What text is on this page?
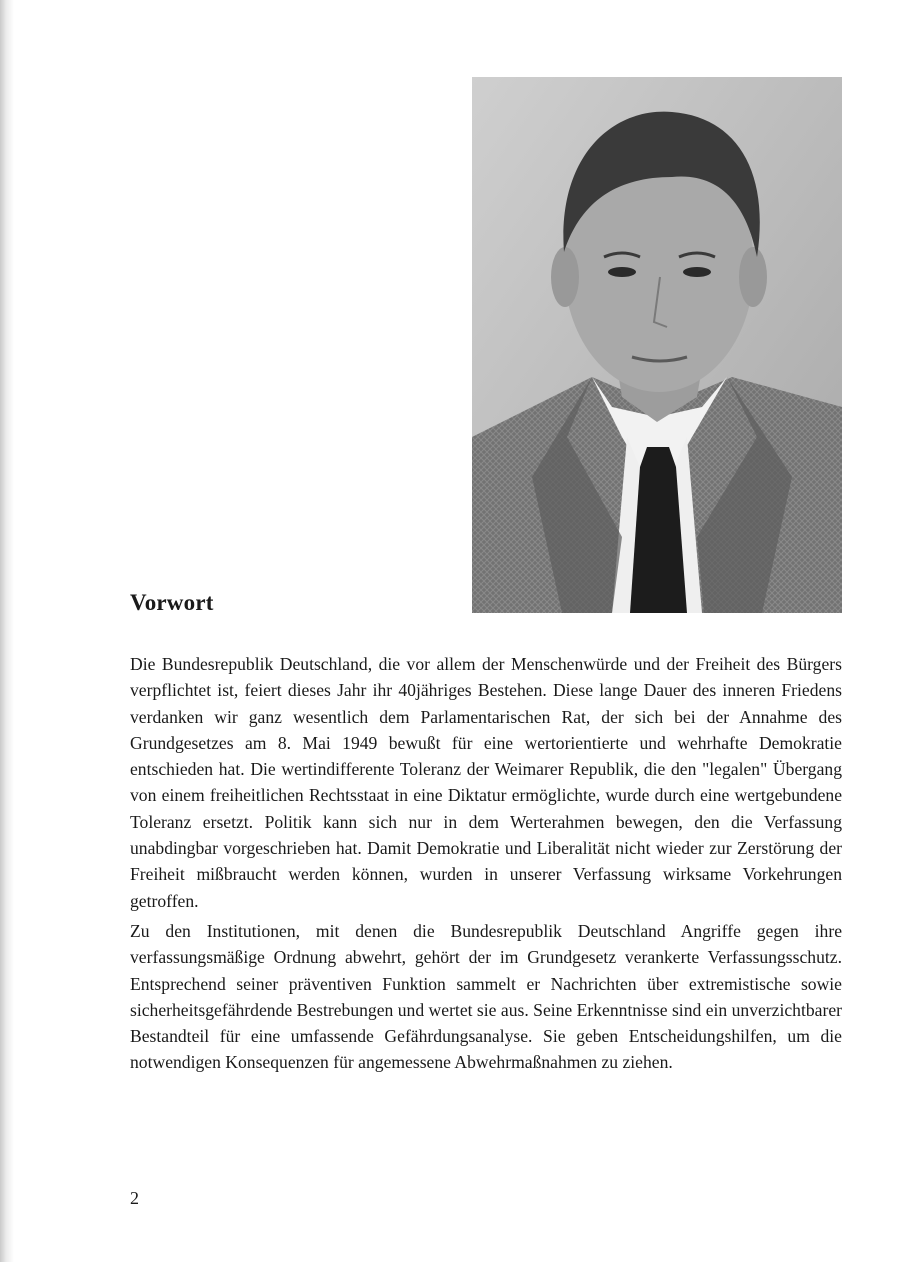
Vorwort

Die Bundesrepublik Deutschland, die vor allem der Menschenwürde und der Freiheit des Bürgers verpflichtet ist, feiert dieses Jahr ihr 40jähriges Bestehen. Diese lange Dauer des inneren Friedens verdanken wir ganz wesentlich dem Parlamentarischen Rat, der sich bei der Annahme des Grundgesetzes am 8. Mai 1949 bewußt für eine wertorientierte und wehrhafte Demokratie entschieden hat. Die wertindifferente Toleranz der Weimarer Republik, die den "legalen" Übergang von einem freiheitlichen Rechtsstaat in eine Diktatur ermöglichte, wurde durch eine wertgebundene Toleranz ersetzt. Politik kann sich nur in dem Werterahmen bewegen, den die Verfassung unabdingbar vorgeschrieben hat. Damit Demokratie und Liberalität nicht wieder zur Zerstörung der Freiheit mißbraucht werden können, wurden in unserer Verfassung wirksame Vorkehrungen getroffen.

Zu den Institutionen, mit denen die Bundesrepublik Deutschland Angriffe gegen ihre verfassungsmäßige Ordnung abwehrt, gehört der im Grundgesetz verankerte Verfassungsschutz. Entsprechend seiner präventiven Funktion sammelt er Nachrichten über extremistische sowie sicherheitsgefährdende Bestrebungen und wertet sie aus. Seine Erkenntnisse sind ein unverzichtbarer Bestandteil für eine umfassende Gefährdungsanalyse. Sie geben Entscheidungshilfen, um die notwendigen Konsequenzen für angemessene Abwehrmaßnahmen zu ziehen.

2
